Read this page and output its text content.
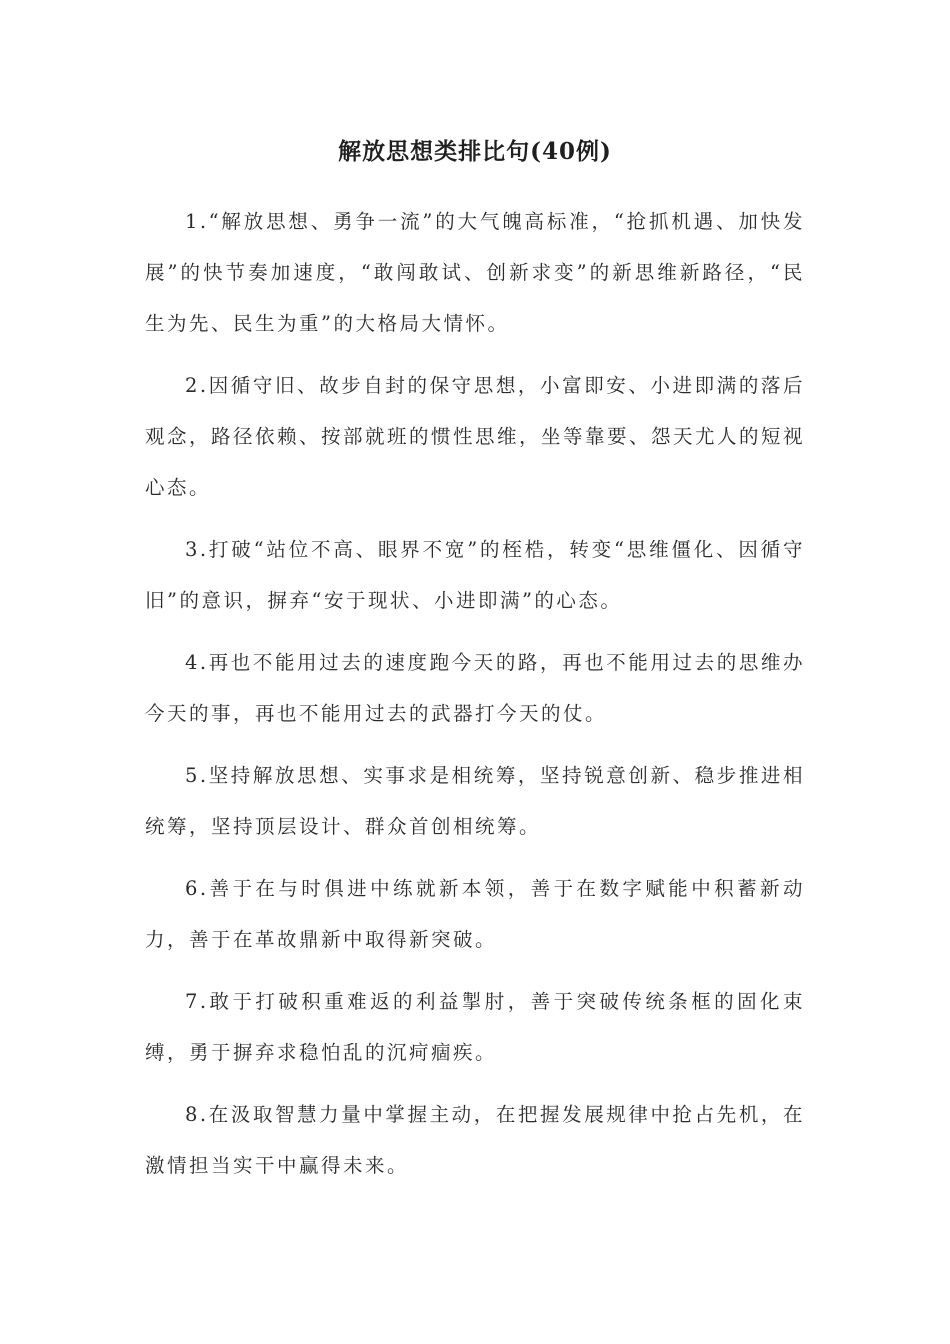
解放思想类排比句(40例)

1.“解放思想、勇争一流”的大气魄高标准，“抢抓机遇、加快发展”的快节奏加速度，“敢闯敢试、创新求变”的新思维新路径，“民生为先、民生为重”的大格局大情怀。

2.因循守旧、故步自封的保守思想，小富即安、小进即满的落后观念，路径依赖、按部就班的惯性思维，坐等靠要、怨天尤人的短视心态。

3.打破“站位不高、眼界不宽”的桎梏，转变“思维僵化、因循守旧”的意识，摒弃“安于现状、小进即满”的心态。

4.再也不能用过去的速度跑今天的路，再也不能用过去的思维办今天的事，再也不能用过去的武器打今天的仗。

5.坚持解放思想、实事求是相统筹，坚持锐意创新、稳步推进相统筹，坚持顶层设计、群众首创相统筹。

6.善于在与时俱进中练就新本领，善于在数字赋能中积蓄新动力，善于在革故鼎新中取得新突破。

7.敢于打破积重难返的利益掣肘，善于突破传统条框的固化束缚，勇于摒弃求稳怕乱的沉疴痼疾。

8.在汲取智慧力量中掌握主动，在把握发展规律中抢占先机，在激情担当实干中赢得未来。
